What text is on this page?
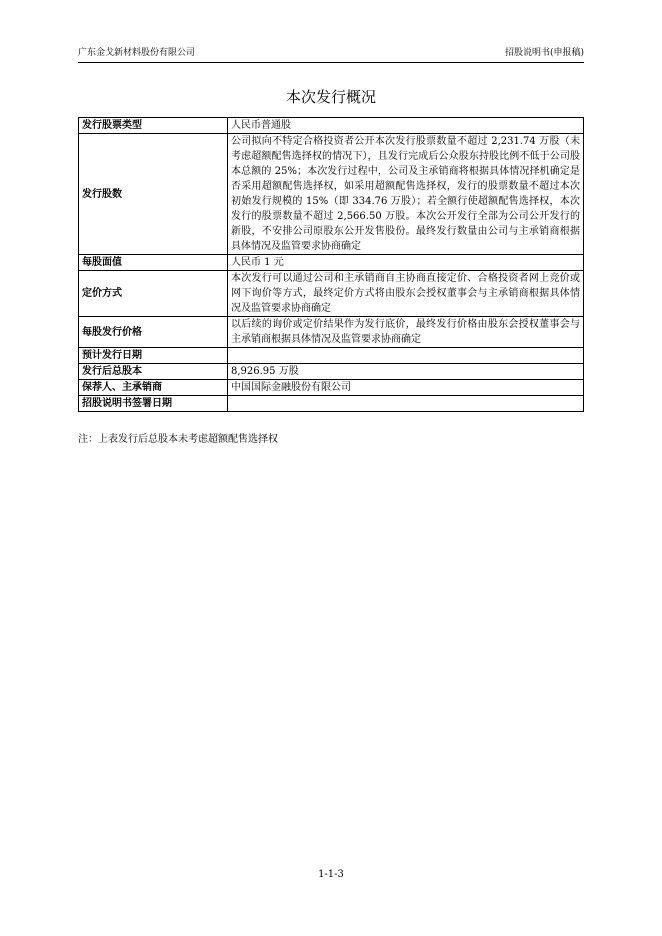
广东金戈新材料股份有限公司	招股说明书(申报稿)
本次发行概况
发行股票类型	人民币普通股
发行股数	公司拟向不特定合格投资者公开本次发行股票数量不超过 2,231.74 万股（未考虑超额配售选择权的情况下），且发行完成后公众股东持股比例不低于公司股本总额的 25%；本次发行过程中，公司及主承销商将根据具体情况择机确定是否采用超额配售选择权，如采用超额配售选择权，发行的股票数量不超过本次初始发行规模的 15%（即 334.76 万股）；若全额行使超额配售选择权，本次发行的股票数量不超过 2,566.50 万股。本次公开发行全部为公司公开发行的新股，不安排公司原股东公开发售股份。最终发行数量由公司与主承销商根据具体情况及监管要求协商确定
每股面值	人民币 1 元
定价方式	本次发行可以通过公司和主承销商自主协商直接定价、合格投资者网上竞价或网下询价等方式，最终定价方式将由股东会授权董事会与主承销商根据具体情况及监管要求协商确定
每股发行价格	以后续的询价或定价结果作为发行底价，最终发行价格由股东会授权董事会与主承销商根据具体情况及监管要求协商确定
预计发行日期	
发行后总股本	8,926.95 万股
保荐人、主承销商	中国国际金融股份有限公司
招股说明书签署日期	
注：上表发行后总股本未考虑超额配售选择权
1-1-3
